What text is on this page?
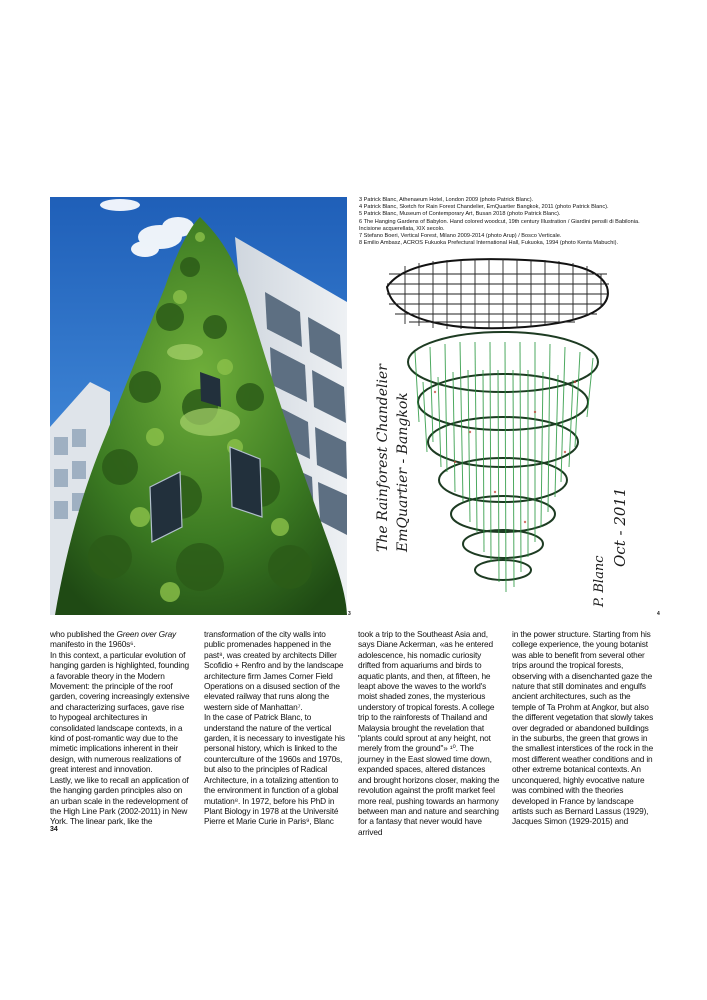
3

3 Patrick Blanc, Athenaeum Hotel, London 2009 (photo Patrick Blanc).

4 Patrick Blanc, Sketch for Rain Forest Chandelier, EmQuartier Bangkok, 2011 (photo Patrick Blanc).

5 Patrick Blanc, Museum of Contemporary Art, Busan 2018 (photo Patrick Blanc).

6 The Hanging Gardens of Babylon. Hand colored woodcut, 19th century Illustration / Giardini pensili di Babilonia. Incisione acquerellata, XIX secolo.

7 Stefano Boeri, Vertical Forest, Milano 2009-2014 (photo Arup) / Bosco Verticale.

8 Emilio Ambasz, ACROS Fukuoka Prefectural International Hall, Fukuoka, 1994 (photo Kenta Mabuchi).

The Rainforest Chandelier EmQuartier - Bangkok	Oct - 2011
P. Blanc
4

who published the Green over Gray manifesto in the 1960s⁶.

In this context, a particular evolution of hanging garden is highlighted, founding a favorable theory in the Modern Movement: the principle of the roof garden, covering increasingly extensive and characterizing surfaces, gave rise to hypogeal architectures in consolidated landscape contexts, in a kind of post-romantic way due to the mimetic implications inherent in their design, with numerous realizations of great interest and innovation.

Lastly, we like to recall an application of the hanging garden principles also on an urban scale in the redevelopment of the High Line Park (2002-2011) in New York. The linear park, like the

transformation of the city walls into public promenades happened in the past⁸, was created by architects Diller Scofidio + Renfro and by the landscape architecture firm James Corner Field Operations on a disused section of the elevated railway that runs along the western side of Manhattan⁷.

In the case of Patrick Blanc, to understand the nature of the vertical garden, it is necessary to investigate his personal history, which is linked to the counterculture of the 1960s and 1970s, but also to the principles of Radical Architecture, in a totalizing attention to the environment in function of a global mutation⁸. In 1972, before his PhD in Plant Biology in 1978 at the Université Pierre et Marie Curie in Paris⁹, Blanc

took a trip to the Southeast Asia and, says Diane Ackerman, «as he entered adolescence, his nomadic curiosity drifted from aquariums and birds to aquatic plants, and then, at fifteen, he leapt above the waves to the world's moist shaded zones, the mysterious understory of tropical forests. A college trip to the rainforests of Thailand and Malaysia brought the revelation that "plants could sprout at any height, not merely from the ground"» ¹⁰. The journey in the East slowed time down, expanded spaces, altered distances and brought horizons closer, making the revolution against the profit market feel more real, pushing towards an harmony between man and nature and searching for a fantasy that never would have arrived

in the power structure. Starting from his college experience, the young botanist was able to benefit from several other trips around the tropical forests, observing with a disenchanted gaze the nature that still dominates and engulfs ancient architectures, such as the temple of Ta Prohm at Angkor, but also the different vegetation that slowly takes over degraded or abandoned buildings in the suburbs, the green that grows in the smallest interstices of the rock in the most different weather conditions and in other extreme botanical contexts. An unconquered, highly evocative nature was combined with the theories developed in France by landscape artists such as Bernard Lassus (1929), Jacques Simon (1929-2015) and

34
